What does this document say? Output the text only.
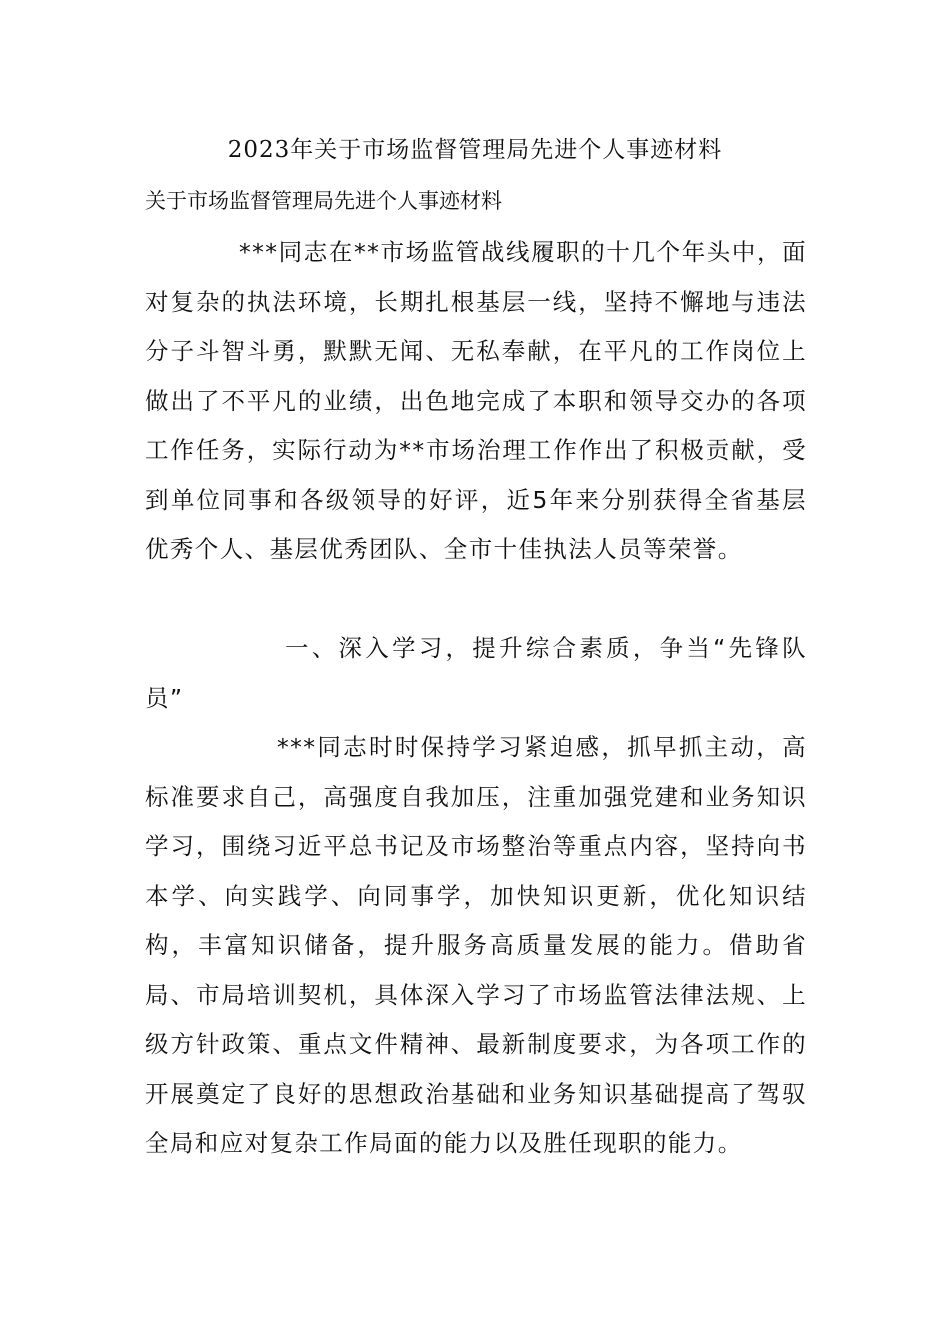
2023年关于市场监督管理局先进个人事迹材料
关于市场监督管理局先进个人事迹材料

***同志在**市场监管战线履职的十几个年头中，面对复杂的执法环境，长期扎根基层一线，坚持不懈地与违法分子斗智斗勇，默默无闻、无私奉献，在平凡的工作岗位上做出了不平凡的业绩，出色地完成了本职和领导交办的各项工作任务，实际行动为**市场治理工作作出了积极贡献，受到单位同事和各级领导的好评，近5年来分别获得全省基层优秀个人、基层优秀团队、全市十佳执法人员等荣誉。

一、深入学习，提升综合素质，争当“先锋队员”

***同志时时保持学习紧迫感，抓早抓主动，高标准要求自己，高强度自我加压，注重加强党建和业务知识学习，围绕习近平总书记及市场整治等重点内容，坚持向书本学、向实践学、向同事学，加快知识更新，优化知识结构，丰富知识储备，提升服务高质量发展的能力。借助省局、市局培训契机，具体深入学习了市场监管法律法规、上级方针政策、重点文件精神、最新制度要求，为各项工作的开展奠定了良好的思想政治基础和业务知识基础提高了驾驭全局和应对复杂工作局面的能力以及胜任现职的能力。
